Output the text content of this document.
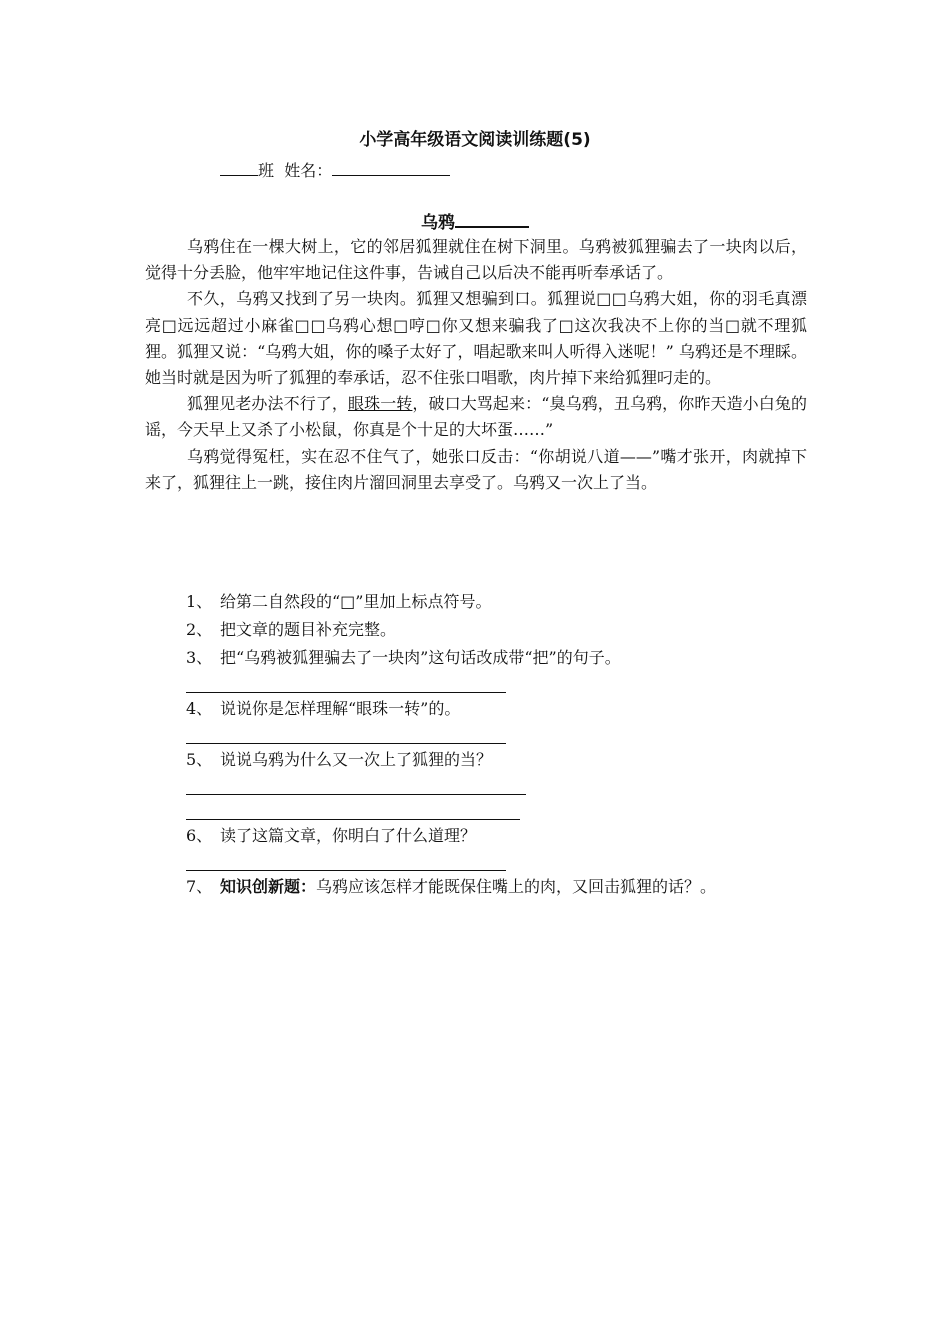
小学高年级语文阅读训练题(5)
班 姓名：
乌鸦

乌鸦住在一棵大树上，它的邻居狐狸就住在树下洞里。乌鸦被狐狸骗去了一块肉以后，觉得十分丢脸，他牢牢地记住这件事，告诫自己以后决不能再听奉承话了。

不久，乌鸦又找到了另一块肉。狐狸又想骗到口。狐狸说□□乌鸦大姐，你的羽毛真漂亮□远远超过小麻雀□□乌鸦心想□哼□你又想来骗我了□这次我决不上你的当□就不理狐狸。狐狸又说：“乌鸦大姐，你的嗓子太好了，唱起歌来叫人听得入迷呢！” 乌鸦还是不理睬。她当时就是因为听了狐狸的奉承话，忍不住张口唱歌，肉片掉下来给狐狸叼走的。

狐狸见老办法不行了，眼珠一转，破口大骂起来：“臭乌鸦，丑乌鸦，你昨天造小白兔的谣，今天早上又杀了小松鼠，你真是个十足的大坏蛋……”

乌鸦觉得冤枉，实在忍不住气了，她张口反击：“你胡说八道——”嘴才张开，肉就掉下来了，狐狸往上一跳，接住肉片溜回洞里去享受了。乌鸦又一次上了当。

1、 给第二自然段的“□”里加上标点符号。
2、 把文章的题目补充完整。
3、 把“乌鸦被狐狸骗去了一块肉”这句话改成带“把”的句子。
4、 说说你是怎样理解“眼珠一转”的。
5、 说说乌鸦为什么又一次上了狐狸的当？
6、 读了这篇文章，你明白了什么道理？
7、 知识创新题：乌鸦应该怎样才能既保住嘴上的肉，又回击狐狸的话？。
